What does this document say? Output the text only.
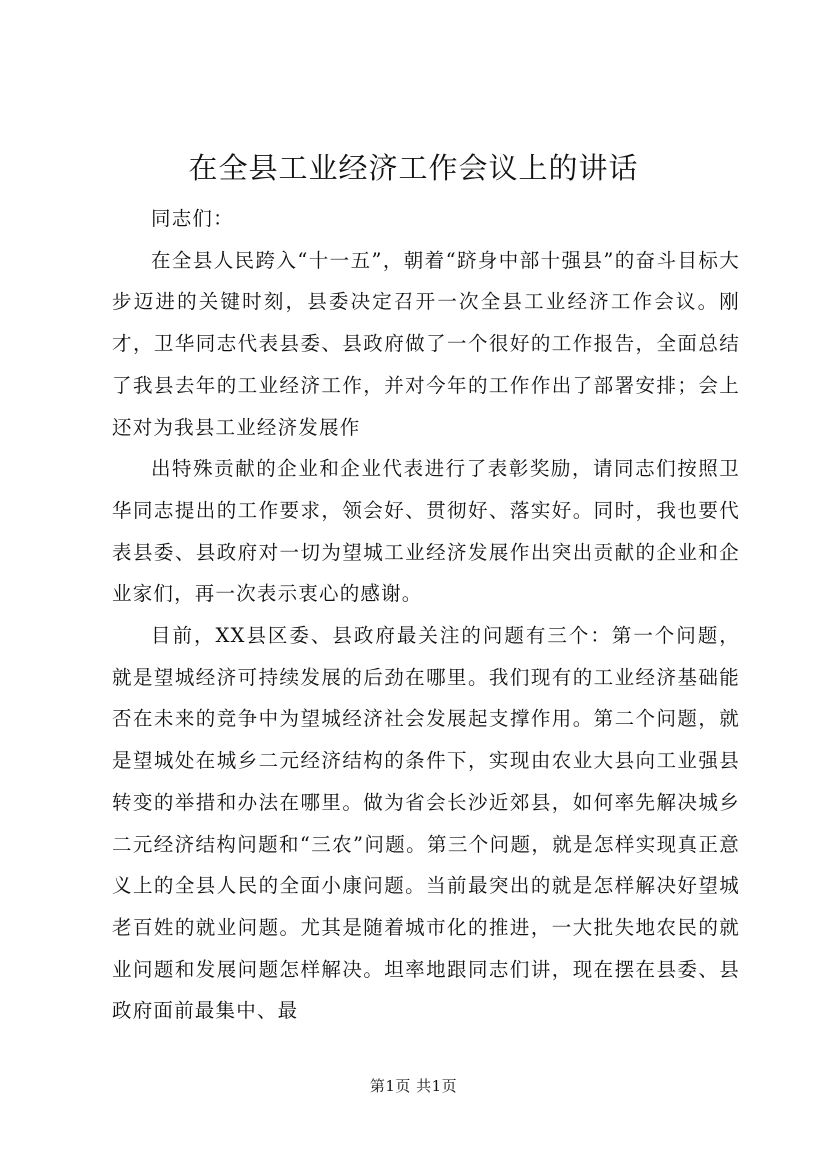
在全县工业经济工作会议上的讲话

同志们：

在全县人民跨入“十一五”，朝着“跻身中部十强县”的奋斗目标大步迈进的关键时刻，县委决定召开一次全县工业经济工作会议。刚才，卫华同志代表县委、县政府做了一个很好的工作报告，全面总结了我县去年的工业经济工作，并对今年的工作作出了部署安排；会上还对为我县工业经济发展作

出特殊贡献的企业和企业代表进行了表彰奖励，请同志们按照卫华同志提出的工作要求，领会好、贯彻好、落实好。同时，我也要代表县委、县政府对一切为望城工业经济发展作出突出贡献的企业和企业家们，再一次表示衷心的感谢。

目前，XX县区委、县政府最关注的问题有三个：第一个问题，就是望城经济可持续发展的后劲在哪里。我们现有的工业经济基础能否在未来的竞争中为望城经济社会发展起支撑作用。第二个问题，就是望城处在城乡二元经济结构的条件下，实现由农业大县向工业强县转变的举措和办法在哪里。做为省会长沙近郊县，如何率先解决城乡二元经济结构问题和“三农”问题。第三个问题，就是怎样实现真正意义上的全县人民的全面小康问题。当前最突出的就是怎样解决好望城老百姓的就业问题。尤其是随着城市化的推进，一大批失地农民的就业问题和发展问题怎样解决。坦率地跟同志们讲，现在摆在县委、县政府面前最集中、最

第1页 共1页
